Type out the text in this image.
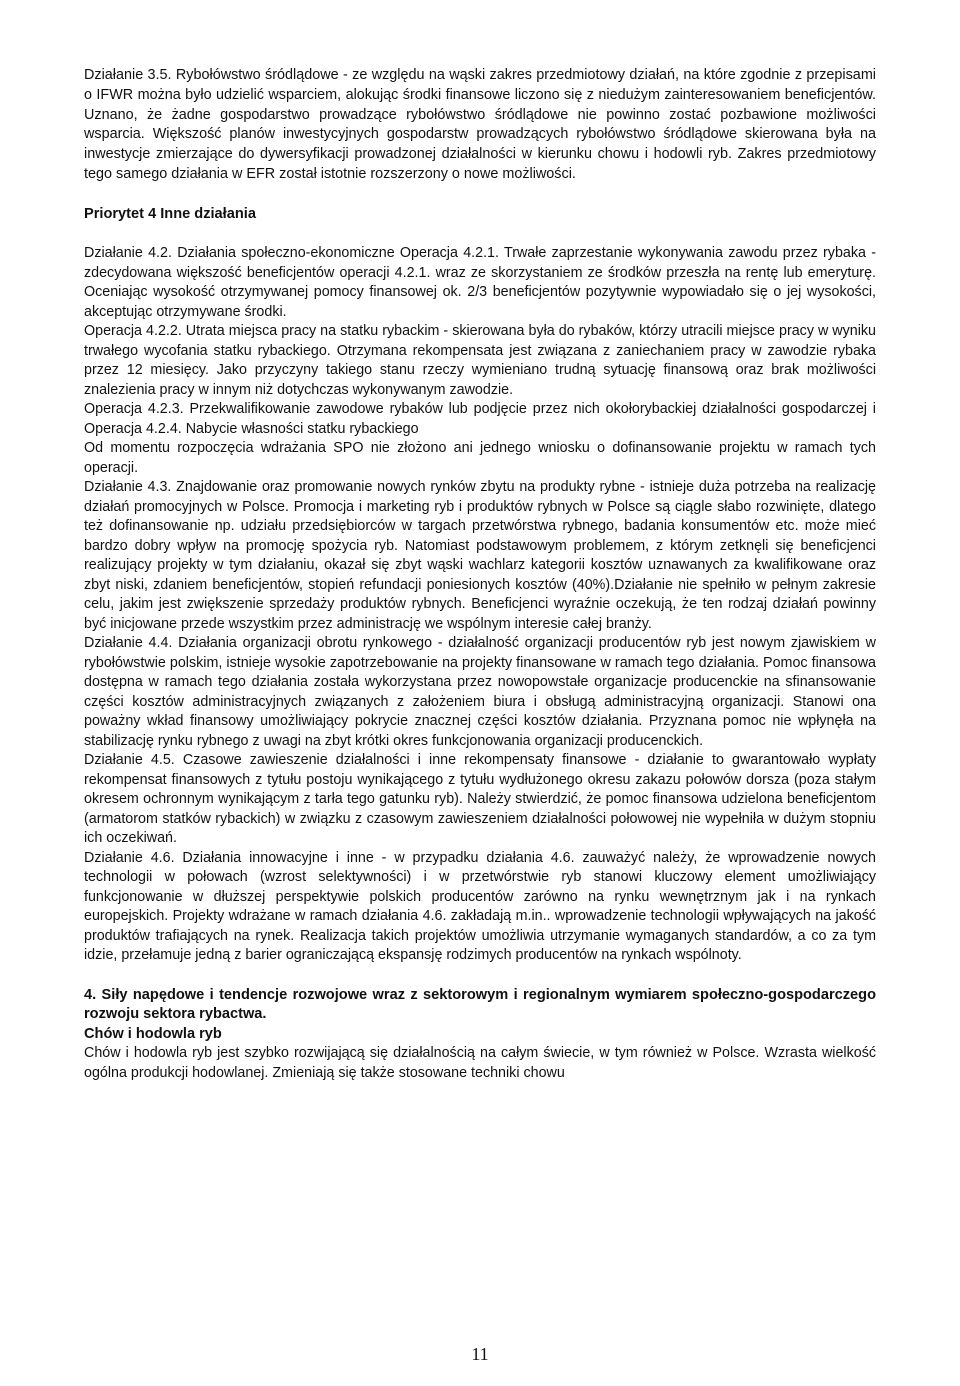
Działanie 3.5. Rybołówstwo śródlądowe - ze względu na wąski zakres przedmiotowy działań, na które zgodnie z przepisami o IFWR można było udzielić wsparciem, alokując środki finansowe liczono się z niedużym zainteresowaniem beneficjentów. Uznano, że żadne gospodarstwo prowadzące rybołówstwo śródlądowe nie powinno zostać pozbawione możliwości wsparcia. Większość planów inwestycyjnych gospodarstw prowadzących rybołówstwo śródlądowe skierowana była na inwestycje zmierzające do dywersyfikacji prowadzonej działalności w kierunku chowu i hodowli ryb. Zakres przedmiotowy tego samego działania w EFR został istotnie rozszerzony o nowe możliwości.

Priorytet 4 Inne działania

Działanie 4.2. Działania społeczno-ekonomiczne Operacja 4.2.1. Trwałe zaprzestanie wykonywania zawodu przez rybaka - zdecydowana większość beneficjentów operacji 4.2.1. wraz ze skorzystaniem ze środków przeszła na rentę lub emeryturę. Oceniając wysokość otrzymywanej pomocy finansowej ok. 2/3 beneficjentów pozytywnie wypowiadało się o jej wysokości, akceptując otrzymywane środki.

Operacja 4.2.2. Utrata miejsca pracy na statku rybackim - skierowana była do rybaków, którzy utracili miejsce pracy w wyniku trwałego wycofania statku rybackiego. Otrzymana rekompensata jest związana z zaniechaniem pracy w zawodzie rybaka przez 12 miesięcy. Jako przyczyny takiego stanu rzeczy wymieniano trudną sytuację finansową oraz brak możliwości znalezienia pracy w innym niż dotychczas wykonywanym zawodzie.

Operacja 4.2.3. Przekwalifikowanie zawodowe rybaków lub podjęcie przez nich okołorybackiej działalności gospodarczej i Operacja 4.2.4. Nabycie własności statku rybackiego

Od momentu rozpoczęcia wdrażania SPO nie złożono ani jednego wniosku o dofinansowanie projektu w ramach tych operacji.

Działanie 4.3. Znajdowanie oraz promowanie nowych rynków zbytu na produkty rybne - istnieje duża potrzeba na realizację działań promocyjnych w Polsce. Promocja i marketing ryb i produktów rybnych w Polsce są ciągle słabo rozwinięte, dlatego też dofinansowanie np. udziału przedsiębiorców w targach przetwórstwa rybnego, badania konsumentów etc. może mieć bardzo dobry wpływ na promocję spożycia ryb. Natomiast podstawowym problemem, z którym zetknęli się beneficjenci realizujący projekty w tym działaniu, okazał się zbyt wąski wachlarz kategorii kosztów uznawanych za kwalifikowane oraz zbyt niski, zdaniem beneficjentów, stopień refundacji poniesionych kosztów (40%).Działanie nie spełniło w pełnym zakresie celu, jakim jest zwiększenie sprzedaży produktów rybnych. Beneficjenci wyraźnie oczekują, że ten rodzaj działań powinny być inicjowane przede wszystkim przez administrację we wspólnym interesie całej branży.

Działanie 4.4. Działania organizacji obrotu rynkowego - działalność organizacji producentów ryb jest nowym zjawiskiem w rybołówstwie polskim, istnieje wysokie zapotrzebowanie na projekty finansowane w ramach tego działania. Pomoc finansowa dostępna w ramach tego działania została wykorzystana przez nowopowstałe organizacje producenckie na sfinansowanie części kosztów administracyjnych związanych z założeniem biura i obsługą administracyjną organizacji. Stanowi ona poważny wkład finansowy umożliwiający pokrycie znacznej części kosztów działania. Przyznana pomoc nie wpłynęła na stabilizację rynku rybnego z uwagi na zbyt krótki okres funkcjonowania organizacji producenckich.

Działanie 4.5. Czasowe zawieszenie działalności i inne rekompensaty finansowe - działanie to gwarantowało wypłaty rekompensat finansowych z tytułu postoju wynikającego z tytułu wydłużonego okresu zakazu połowów dorsza (poza stałym okresem ochronnym wynikającym z tarła tego gatunku ryb). Należy stwierdzić, że pomoc finansowa udzielona beneficjentom (armatorom statków rybackich) w związku z czasowym zawieszeniem działalności połowowej nie wypełniła w dużym stopniu ich oczekiwań.

Działanie 4.6. Działania innowacyjne i inne - w przypadku działania 4.6. zauważyć należy, że wprowadzenie nowych technologii w połowach (wzrost selektywności) i w przetwórstwie ryb stanowi kluczowy element umożliwiający funkcjonowanie w dłuższej perspektywie polskich producentów zarówno na rynku wewnętrznym jak i na rynkach europejskich. Projekty wdrażane w ramach działania 4.6. zakładają m.in.. wprowadzenie technologii wpływających na jakość produktów trafiających na rynek. Realizacja takich projektów umożliwia utrzymanie wymaganych standardów, a co za tym idzie, przełamuje jedną z barier ograniczającą ekspansję rodzimych producentów na rynkach wspólnoty.

4. Siły napędowe i tendencje rozwojowe wraz z sektorowym i regionalnym wymiarem społeczno-gospodarczego rozwoju sektora rybactwa.

Chów i hodowla ryb

Chów i hodowla ryb jest szybko rozwijającą się działalnością na całym świecie, w tym również w Polsce. Wzrasta wielkość ogólna produkcji hodowlanej. Zmieniają się także stosowane techniki chowu

11
